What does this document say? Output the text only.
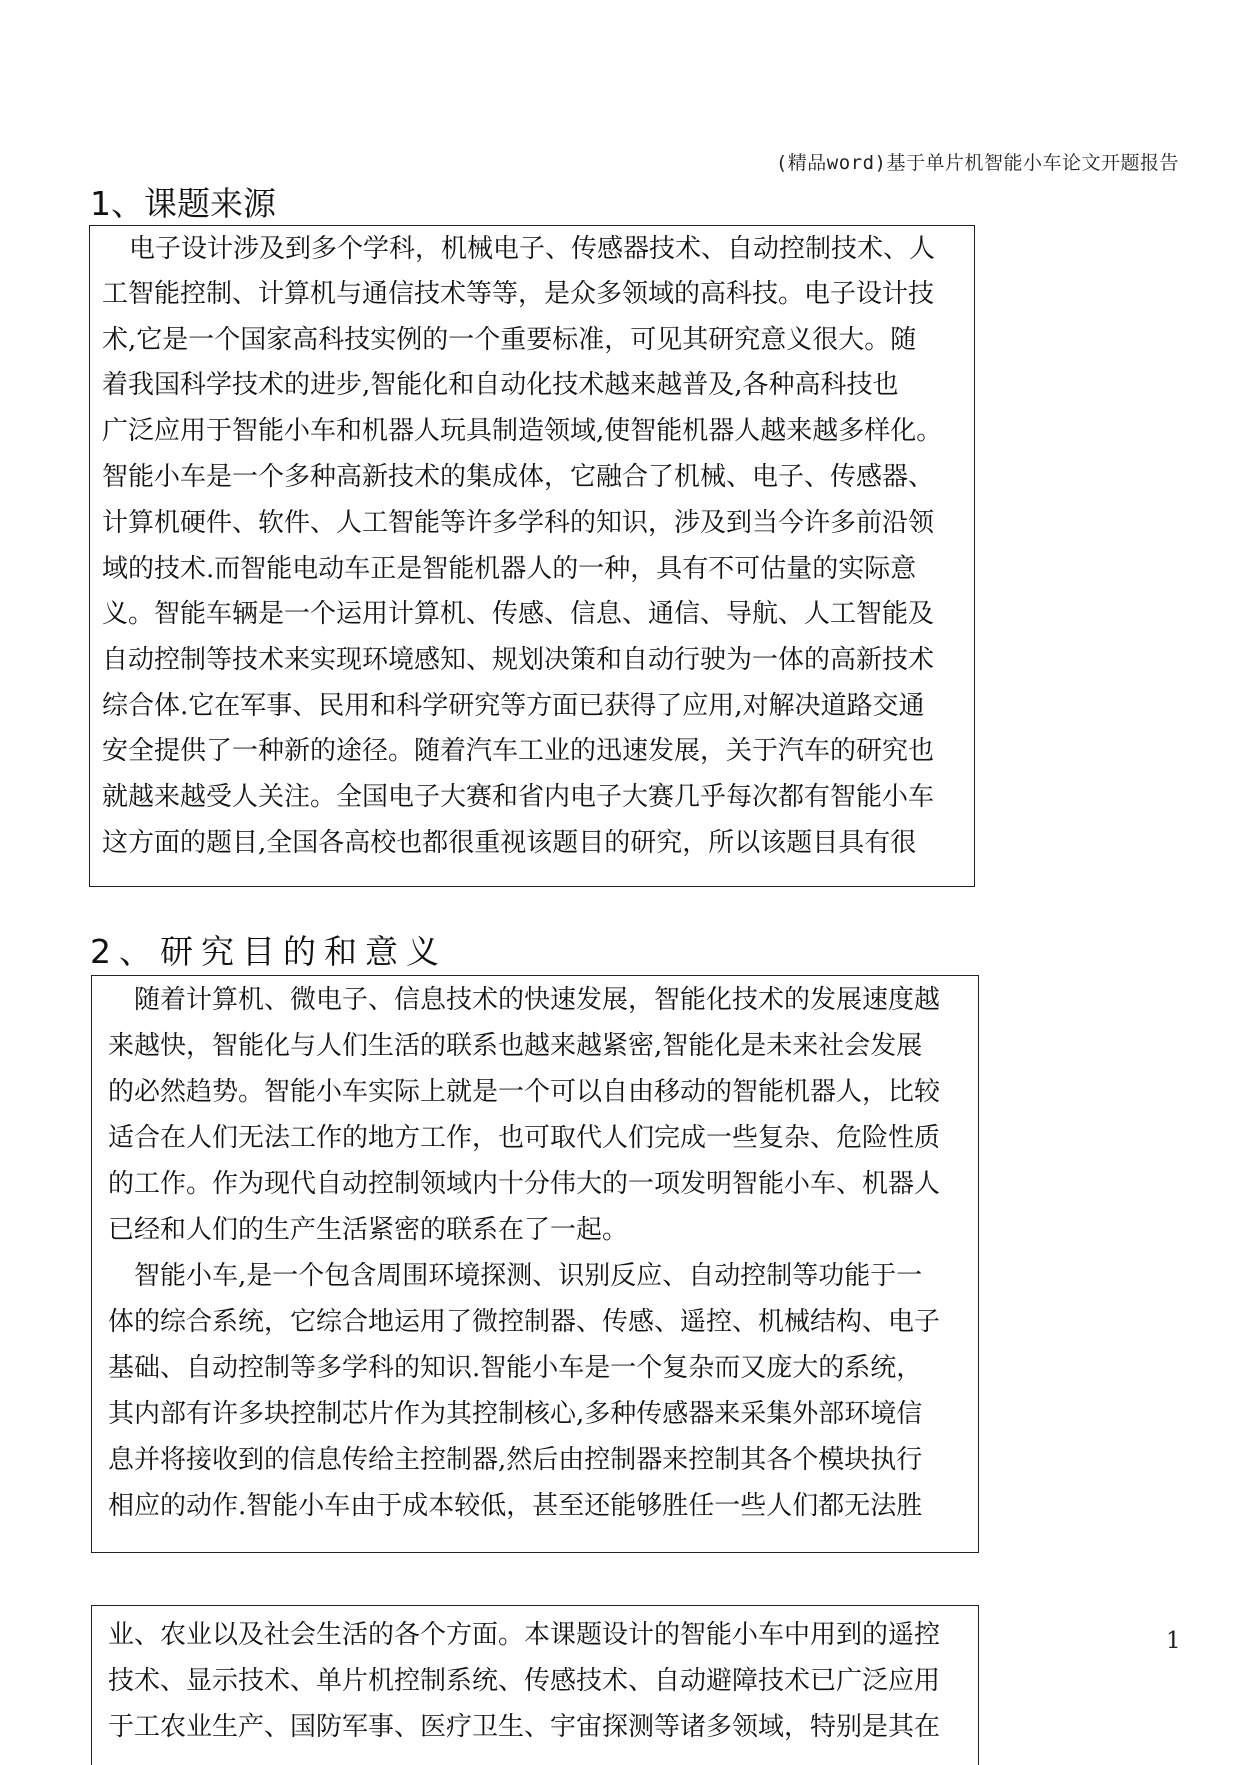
(精品word)基于单片机智能小车论文开题报告
1、课题来源
电子设计涉及到多个学科，机械电子、传感器技术、自动控制技术、人
工智能控制、计算机与通信技术等等，是众多领域的高科技。电子设计技
术,它是一个国家高科技实例的一个重要标准，可见其研究意义很大。随
着我国科学技术的进步,智能化和自动化技术越来越普及,各种高科技也
广泛应用于智能小车和机器人玩具制造领域,使智能机器人越来越多样化。
智能小车是一个多种高新技术的集成体，它融合了机械、电子、传感器、
计算机硬件、软件、人工智能等许多学科的知识，涉及到当今许多前沿领
域的技术.而智能电动车正是智能机器人的一种，具有不可估量的实际意
义。智能车辆是一个运用计算机、传感、信息、通信、导航、人工智能及
自动控制等技术来实现环境感知、规划决策和自动行驶为一体的高新技术
综合体.它在军事、民用和科学研究等方面已获得了应用,对解决道路交通
安全提供了一种新的途径。随着汽车工业的迅速发展，关于汽车的研究也
就越来越受人关注。全国电子大赛和省内电子大赛几乎每次都有智能小车
这方面的题目,全国各高校也都很重视该题目的研究，所以该题目具有很
2、研究目的和意义
随着计算机、微电子、信息技术的快速发展，智能化技术的发展速度越
来越快，智能化与人们生活的联系也越来越紧密,智能化是未来社会发展
的必然趋势。智能小车实际上就是一个可以自由移动的智能机器人，比较
适合在人们无法工作的地方工作，也可取代人们完成一些复杂、危险性质
的工作。作为现代自动控制领域内十分伟大的一项发明智能小车、机器人
已经和人们的生产生活紧密的联系在了一起。
智能小车,是一个包含周围环境探测、识别反应、自动控制等功能于一
体的综合系统，它综合地运用了微控制器、传感、遥控、机械结构、电子
基础、自动控制等多学科的知识.智能小车是一个复杂而又庞大的系统，
其内部有许多块控制芯片作为其控制核心,多种传感器来采集外部环境信
息并将接收到的信息传给主控制器,然后由控制器来控制其各个模块执行
相应的动作.智能小车由于成本较低，甚至还能够胜任一些人们都无法胜
业、农业以及社会生活的各个方面。本课题设计的智能小车中用到的遥控
技术、显示技术、单片机控制系统、传感技术、自动避障技术已广泛应用
于工农业生产、国防军事、医疗卫生、宇宙探测等诸多领域，特别是其在
1
